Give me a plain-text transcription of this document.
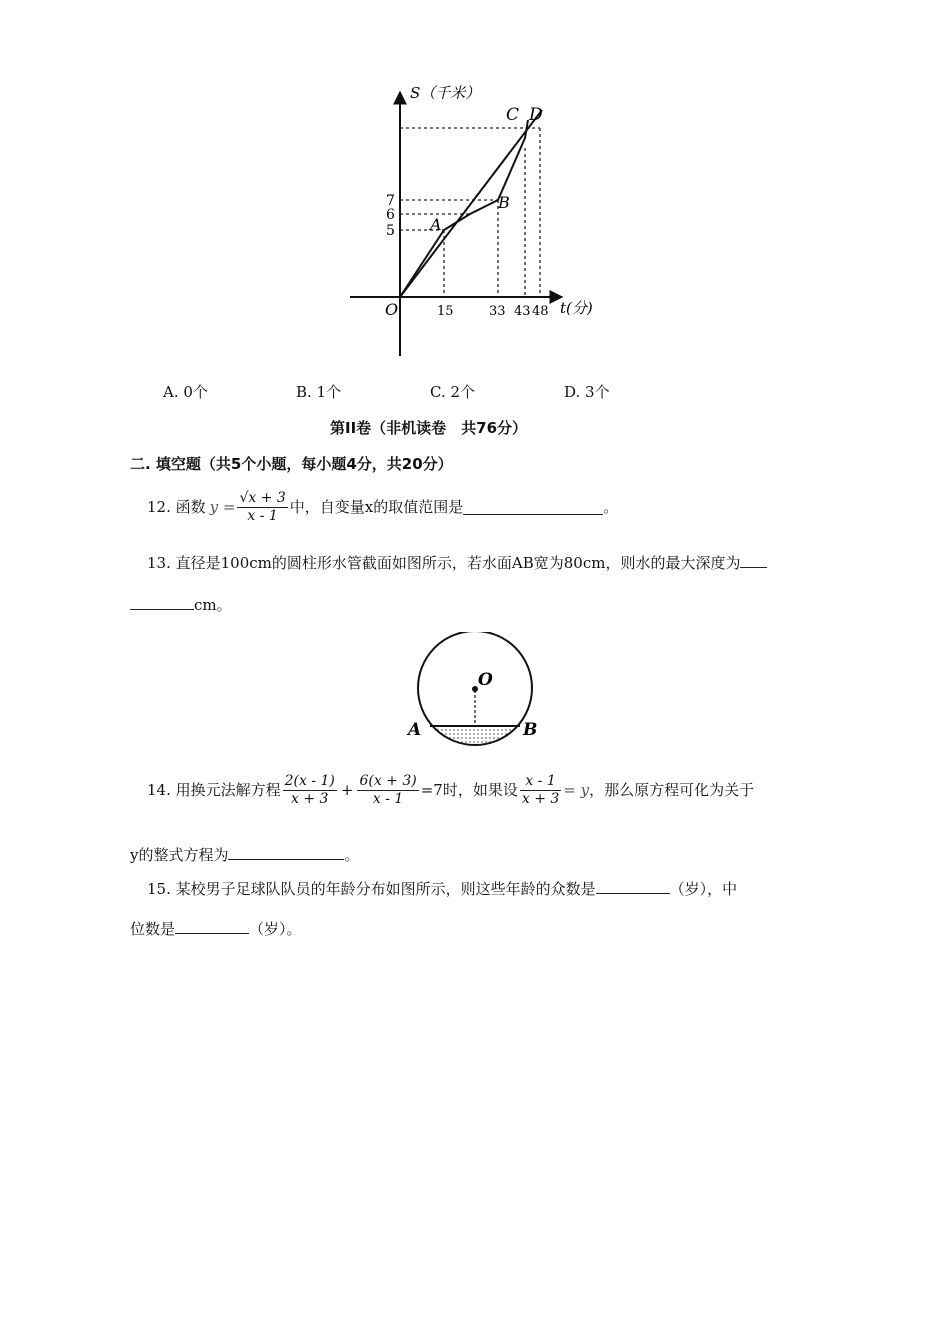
S（千米）
t(分)
O
A
B
C D
7
6
5
15	33 43 48
A. 0个	B. 1个	C. 2个	D. 3个
第II卷（非机读卷　共76分）
二. 填空题（共5个小题，每小题4分，共20分）
12. 函数 $y = \frac{√x + 3}{x - 1}$ 中，自变量x的取值范围是	。
13. 直径是100cm的圆柱形水管截面如图所示，若水面AB宽为80cm，则水的最大深度为
cm。
O
A	B
14. 用换元法解方程 $\frac{2(x - 1)}{x + 3} + \frac{6(x + 3)}{x - 1} =7$时，如果设 $\frac{x - 1}{x + 3} = y$ ，那么原方程可化为关于
y的整式方程为	。
15. 某校男子足球队队员的年龄分布如图所示，则这些年龄的众数是	（岁），中
位数是	（岁）。
